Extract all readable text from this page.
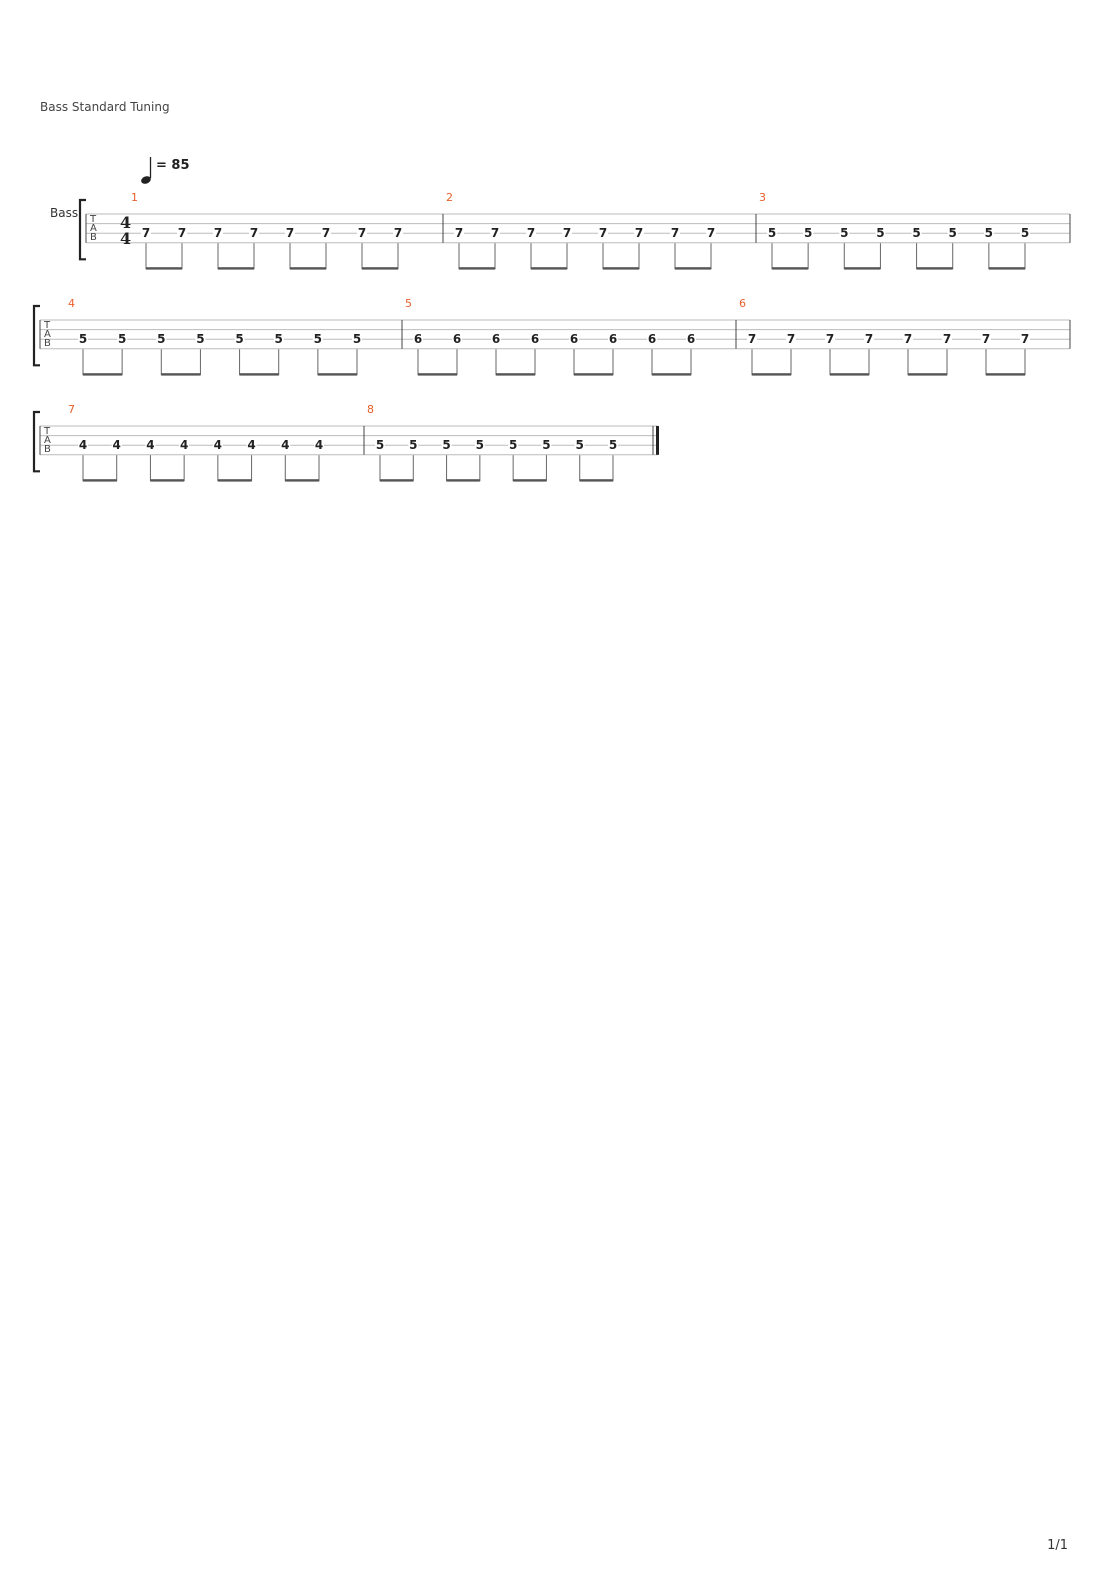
Bass Standard Tuning
1/1
= 85
T
A
B
Bass
1
4
4 7 7 7 7 7 7 7 7
2
7 7 7 7 7 7 7 7
3
5 5 5 5 5 5 5 5
T
A
B
4
5	5	5	5	5	5	5	5
5
6	6	6	6	6	6	6	6
6
7	7	7	7	7	7	7	7
T
A
B
7
4 4 4 4 4 4 4 4
8
5 5 5 5 5 5 5 5
